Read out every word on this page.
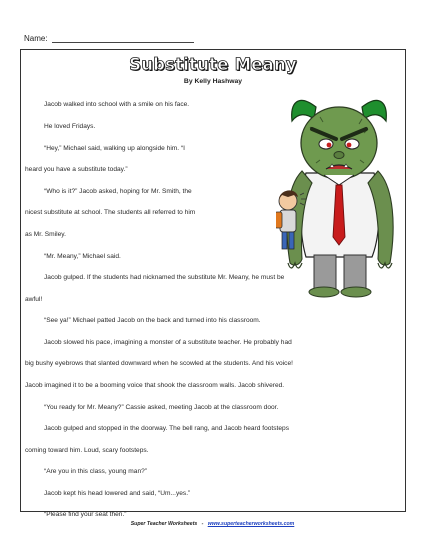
Name:
Substitute Meany
By Kelly Hashway
Jacob walked into school with a smile on his face.
He loved Fridays.
“Hey,” Michael said, walking up alongside him. “I
heard you have a substitute today.”
“Who is it?” Jacob asked, hoping for Mr. Smith, the
nicest substitute at school. The students all referred to him
as Mr. Smiley.
“Mr. Meany,” Michael said.
Jacob gulped. If the students had nicknamed the substitute Mr. Meany, he must be
awful!
“See ya!” Michael patted Jacob on the back and turned into his classroom.
Jacob slowed his pace, imagining a monster of a substitute teacher. He probably had
big bushy eyebrows that slanted downward when he scowled at the students. And his voice!
Jacob imagined it to be a booming voice that shook the classroom walls. Jacob shivered.
“You ready for Mr. Meany?” Cassie asked, meeting Jacob at the classroom door.
Jacob gulped and stopped in the doorway. The bell rang, and Jacob heard footsteps
coming toward him. Loud, scary footsteps.
“Are you in this class, young man?”
Jacob kept his head lowered and said, “Um...yes.”
“Please find your seat then.”
Super Teacher Worksheets - www.superteacherworksheets.com
